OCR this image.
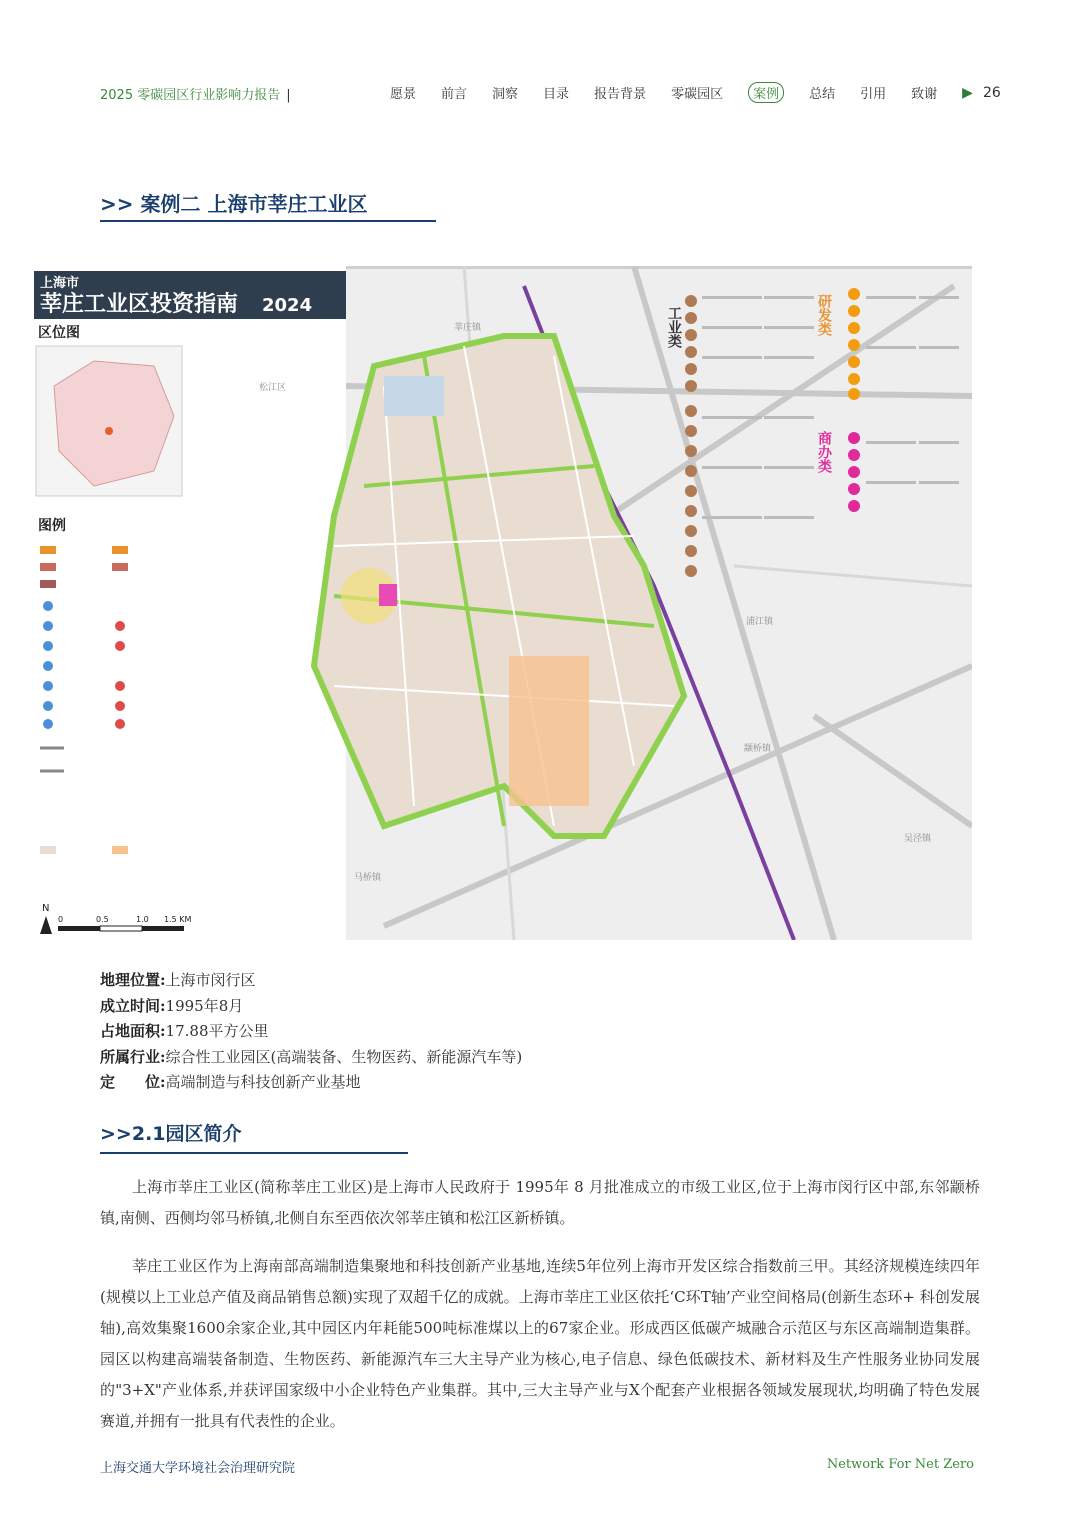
2025 零碳园区行业影响力报告 |	愿景 前言 洞察 目录 报告背景 零碳园区	案例	总结 引用 致谢 ▶ 26
>> 案例二 上海市莘庄工业区
上海市
莘庄工业区投资指南 2024
区位图
图例
N
0	0.5	1.0 1.5 KM
工业类	研发类
商办类
莘庄镇
松江区
马桥镇
颛桥镇
吴泾镇
浦江镇
地理位置:上海市闵行区
成立时间:1995年8月
占地面积:17.88平方公里
所属行业:综合性工业园区(高端装备、生物医药、新能源汽车等)
定　　位:高端制造与科技创新产业基地
>>2.1园区简介

上海市莘庄工业区(简称莘庄工业区)是上海市人民政府于 1995年 8 月批准成立的市级工业区,位于上海市闵行区中部,东邻颛桥镇,南侧、西侧均邻马桥镇,北侧自东至西依次邻莘庄镇和松江区新桥镇。

莘庄工业区作为上海南部高端制造集聚地和科技创新产业基地,连续5年位列上海市开发区综合指数前三甲。其经济规模连续四年(规模以上工业总产值及商品销售总额)实现了双超千亿的成就。上海市莘庄工业区依托‘C环T轴’产业空间格局(创新生态环+ 科创发展轴),高效集聚1600余家企业,其中园区内年耗能500吨标准煤以上的67家企业。形成西区低碳产城融合示范区与东区高端制造集群。园区以构建高端装备制造、生物医药、新能源汽车三大主导产业为核心,电子信息、绿色低碳技术、新材料及生产性服务业协同发展的"3+X"产业体系,并获评国家级中小企业特色产业集群。其中,三大主导产业与X个配套产业根据各领域发展现状,均明确了特色发展赛道,并拥有一批具有代表性的企业。

上海交通大学环境社会治理研究院	Network For Net Zero
